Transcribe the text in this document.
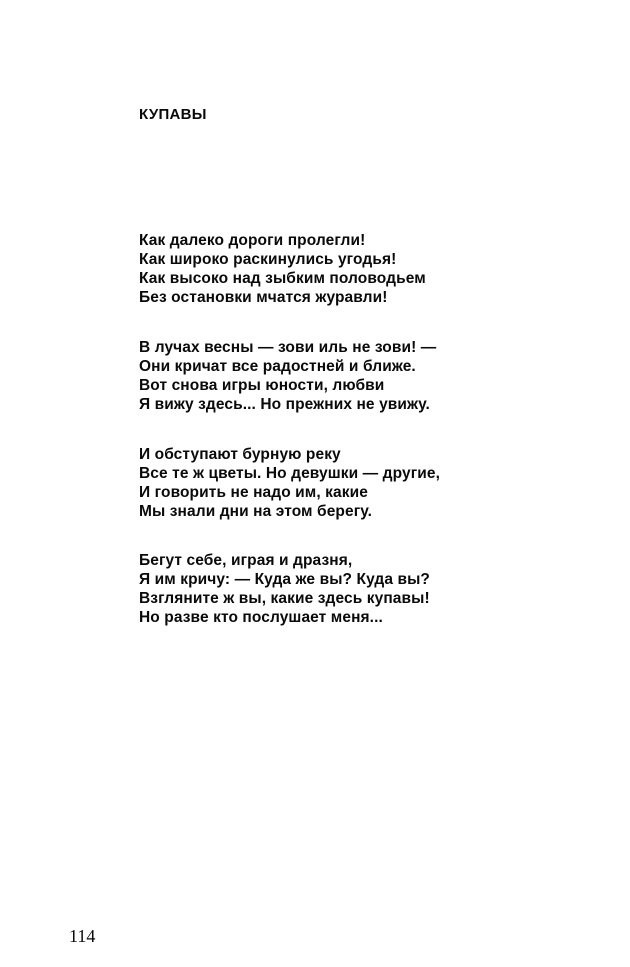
КУПАВЫ

Как далеко дороги пролегли!
Как широко раскинулись угодья!
Как высоко над зыбким половодьем
Без остановки мчатся журавли!

В лучах весны — зови иль не зови! —
Они кричат все радостней и ближе.
Вот снова игры юности, любви
Я вижу здесь... Но прежних не увижу.

И обступают бурную реку
Все те ж цветы. Но девушки — другие,
И говорить не надо им, какие
Мы знали дни на этом берегу.

Бегут себе, играя и дразня,
Я им кричу: — Куда же вы? Куда вы?
Взгляните ж вы, какие здесь купавы!
Но разве кто послушает меня...

114
